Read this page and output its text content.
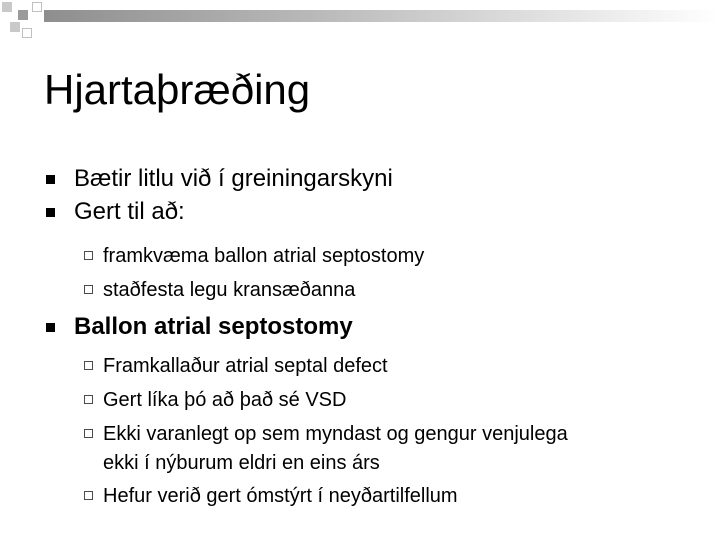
Hjartaþræðing
Bætir litlu við í greiningarskyni
Gert til að:
framkvæma ballon atrial septostomy
staðfesta legu kransæðanna
Ballon atrial septostomy
Framkallaður atrial septal defect
Gert líka þó að það sé VSD
Ekki varanlegt op sem myndast og gengur venjulega
ekki í nýburum eldri en eins árs
Hefur verið gert ómstýrt í neyðartilfellum
